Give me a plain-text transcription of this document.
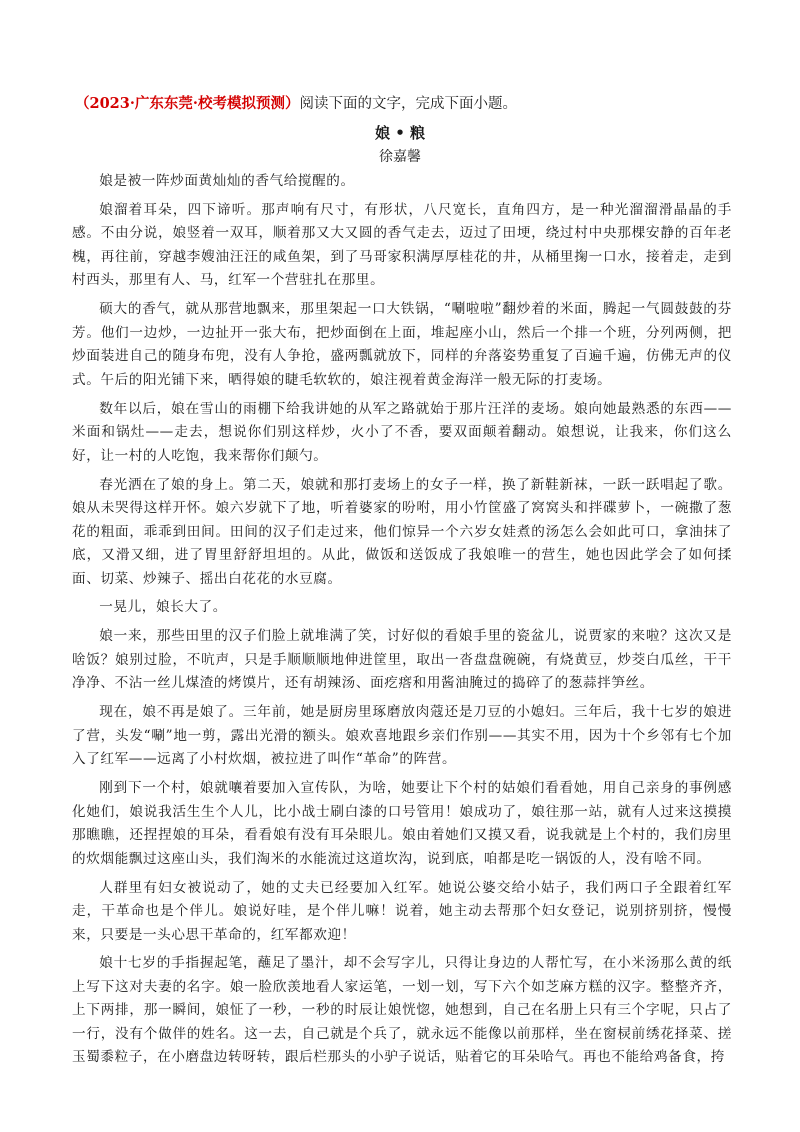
（2023·广东东莞·校考模拟预测）阅读下面的文字，完成下面小题。
娘 • 粮
徐嘉馨

娘是被一阵炒面黄灿灿的香气给搅醒的。

娘溜着耳朵，四下谛听。那声响有尺寸，有形状，八尺宽长，直角四方，是一种光溜溜滑晶晶的手感。不由分说，娘竖着一双耳，顺着那又大又圆的香气走去，迈过了田埂，绕过村中央那棵安静的百年老槐，再往前，穿越李嫂油汪汪的咸鱼架，到了马哥家积满厚厚桂花的井，从桶里掬一口水，接着走，走到村西头，那里有人、马，红军一个营驻扎在那里。

硕大的香气，就从那营地飘来，那里架起一口大铁锅，“唰啦啦”翻炒着的米面，腾起一气圆鼓鼓的芬芳。他们一边炒，一边扯开一张大布，把炒面倒在上面，堆起座小山，然后一个排一个班，分列两侧，把炒面装进自己的随身布兜，没有人争抢，盛两瓢就放下，同样的弁落姿势重复了百遍千遍，仿佛无声的仪式。午后的阳光铺下来，晒得娘的睫毛软软的，娘注视着黄金海洋一般无际的打麦场。

数年以后，娘在雪山的雨棚下给我讲她的从军之路就始于那片汪洋的麦场。娘向她最熟悉的东西——米面和锅灶——走去，想说你们别这样炒，火小了不香，要双面颠着翻动。娘想说，让我来，你们这么好，让一村的人吃饱，我来帮你们颠勺。

春光洒在了娘的身上。第二天，娘就和那打麦场上的女子一样，换了新鞋新袜，一跃一跃唱起了歌。娘从未哭得这样开怀。娘六岁就下了地，听着婆家的吩咐，用小竹筐盛了窝窝头和拌碟萝卜，一碗撒了葱花的粗面，乖乖到田间。田间的汉子们走过来，他们惊异一个六岁女娃煮的汤怎么会如此可口，拿油抹了底，又滑又细，进了胃里舒舒坦坦的。从此，做饭和送饭成了我娘唯一的营生，她也因此学会了如何揉面、切菜、炒辣子、摇出白花花的水豆腐。

一晃儿，娘长大了。

娘一来，那些田里的汉子们脸上就堆满了笑，讨好似的看娘手里的瓷盆儿，说贾家的来啦？这次又是啥饭？娘别过脸，不吭声，只是手顺顺顺地伸进筐里，取出一沓盘盘碗碗，有烧黄豆，炒茭白瓜丝，干干净净、不沾一丝儿煤渣的烤馍片，还有胡辣汤、面疙瘩和用酱油腌过的捣碎了的葱蒜拌笋丝。

现在，娘不再是娘了。三年前，她是厨房里琢磨放肉蔻还是刀豆的小媳妇。三年后，我十七岁的娘进了营，头发“唰”地一剪，露出光滑的额头。娘欢喜地跟乡亲们作别——其实不用，因为十个乡邻有七个加入了红军——远离了小村炊烟，被拉进了叫作“革命”的阵营。

刚到下一个村，娘就嚷着要加入宣传队，为啥，她要让下个村的姑娘们看看她，用自己亲身的事例感化她们，娘说我活生生个人儿，比小战士刷白漆的口号管用！娘成功了，娘往那一站，就有人过来这摸摸那瞧瞧，还捏捏娘的耳朵，看看娘有没有耳朵眼儿。娘由着她们又摸又看，说我就是上个村的，我们房里的炊烟能飘过这座山头，我们淘米的水能流过这道坎沟，说到底，咱都是吃一锅饭的人，没有啥不同。

人群里有妇女被说动了，她的丈夫已经要加入红军。她说公婆交给小姑子，我们两口子全跟着红军走，干革命也是个伴儿。娘说好哇，是个伴儿嘛！说着，她主动去帮那个妇女登记，说别挤别挤，慢慢来，只要是一头心思干革命的，红军都欢迎！

娘十七岁的手指握起笔，蘸足了墨汁，却不会写字儿，只得让身边的人帮忙写，在小米汤那么黄的纸上写下这对夫妻的名字。娘一脸欣羡地看人家运笔，一划一划，写下六个如芝麻方糕的汉字。整整齐齐，上下两排，那一瞬间，娘怔了一秒，一秒的时辰让娘恍惚，她想到，自己在名册上只有三个字呢，只占了一行，没有个做伴的姓名。这一去，自己就是个兵了，就永远不能像以前那样，坐在窗棂前绣花择菜、搓玉蜀黍粒子，在小磨盘边转呀转，跟后栏那头的小驴子说话，贴着它的耳朵哈气。再也不能给鸡备食，挎
